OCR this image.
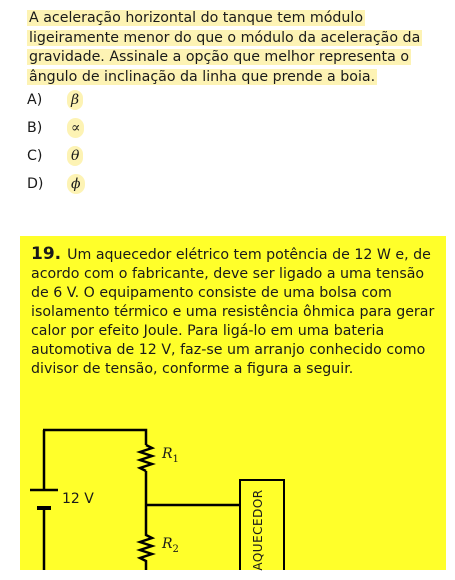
A aceleração horizontal do tanque tem módulo ligeiramente menor do que o módulo da aceleração da gravidade. Assinale a opção que melhor representa o ângulo de inclinação da linha que prende a boia.
A)	β
B)	∝
C)	θ
D)	ϕ
19. Um aquecedor elétrico tem potência de 12 W e, de acordo com o fabricante, deve ser ligado a uma tensão de 6 V. O equipamento consiste de uma bolsa com isolamento térmico e uma resistência ôhmica para gerar calor por efeito Joule. Para ligá-lo em uma bateria automotiva de 12 V, faz-se um arranjo conhecido como divisor de tensão, conforme a figura a seguir.
12 V
$R_1$
$R_2$	AQUECEDOR
